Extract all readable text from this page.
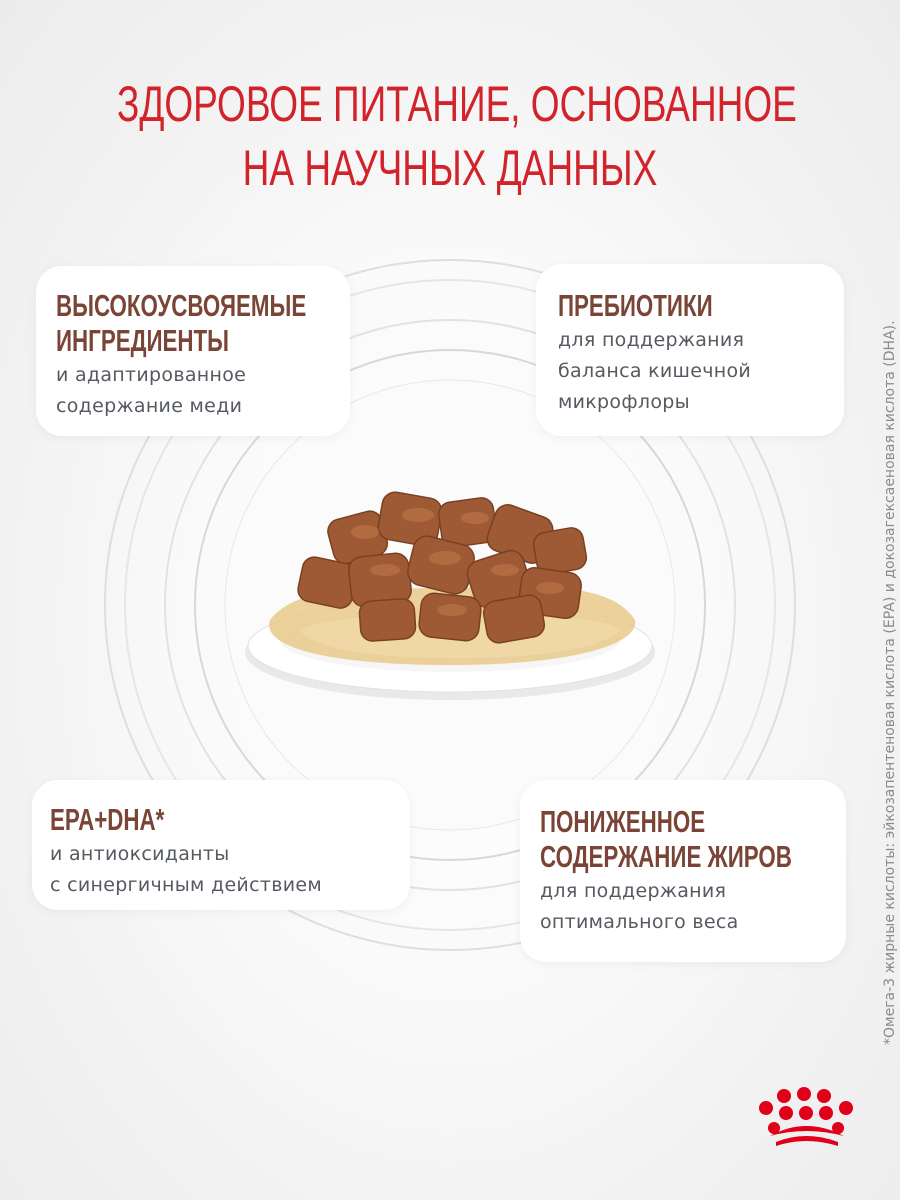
ЗДОРОВОЕ ПИТАНИЕ, ОСНОВАННОЕ
НА НАУЧНЫХ ДАННЫХ
ВЫСОКОУСВОЯЕМЫЕ
ИНГРЕДИЕНТЫ
и адаптированное
содержание меди
ПРЕБИОТИКИ
для поддержания
баланса кишечной
микрофлоры
EPA+DHA*
и антиоксиданты
с синергичным действием
ПОНИЖЕННОЕ
СОДЕРЖАНИЕ ЖИРОВ
для поддержания
оптимального веса	*Омега-3 жирные кислоты: эйкозапентеновая кислота (EPA) и докозагексаеновая кислота (DHA).
